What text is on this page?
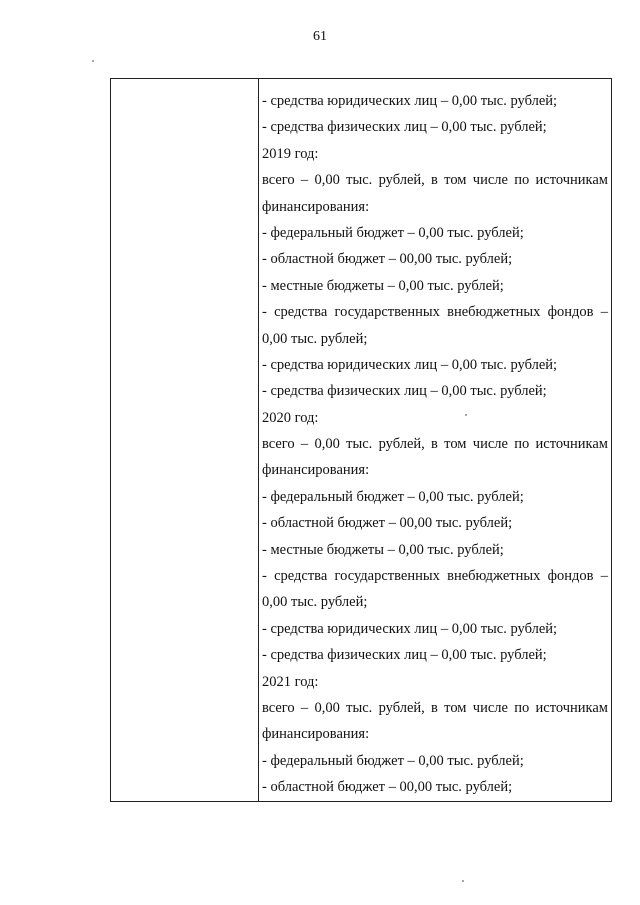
61
- средства юридических лиц – 0,00 тыс. рублей;
- средства физических лиц – 0,00 тыс. рублей;
2019 год:
всего – 0,00 тыс. рублей, в том числе по источникам
финансирования:
- федеральный бюджет – 0,00 тыс. рублей;
- областной бюджет – 00,00 тыс. рублей;
- местные бюджеты – 0,00 тыс. рублей;
- средства государственных внебюджетных фондов –
0,00 тыс. рублей;
- средства юридических лиц – 0,00 тыс. рублей;
- средства физических лиц – 0,00 тыс. рублей;
2020 год:
всего – 0,00 тыс. рублей, в том числе по источникам
финансирования:
- федеральный бюджет – 0,00 тыс. рублей;
- областной бюджет – 00,00 тыс. рублей;
- местные бюджеты – 0,00 тыс. рублей;
- средства государственных внебюджетных фондов –
0,00 тыс. рублей;
- средства юридических лиц – 0,00 тыс. рублей;
- средства физических лиц – 0,00 тыс. рублей;
2021 год:
всего – 0,00 тыс. рублей, в том числе по источникам
финансирования:
- федеральный бюджет – 0,00 тыс. рублей;
- областной бюджет – 00,00 тыс. рублей;
